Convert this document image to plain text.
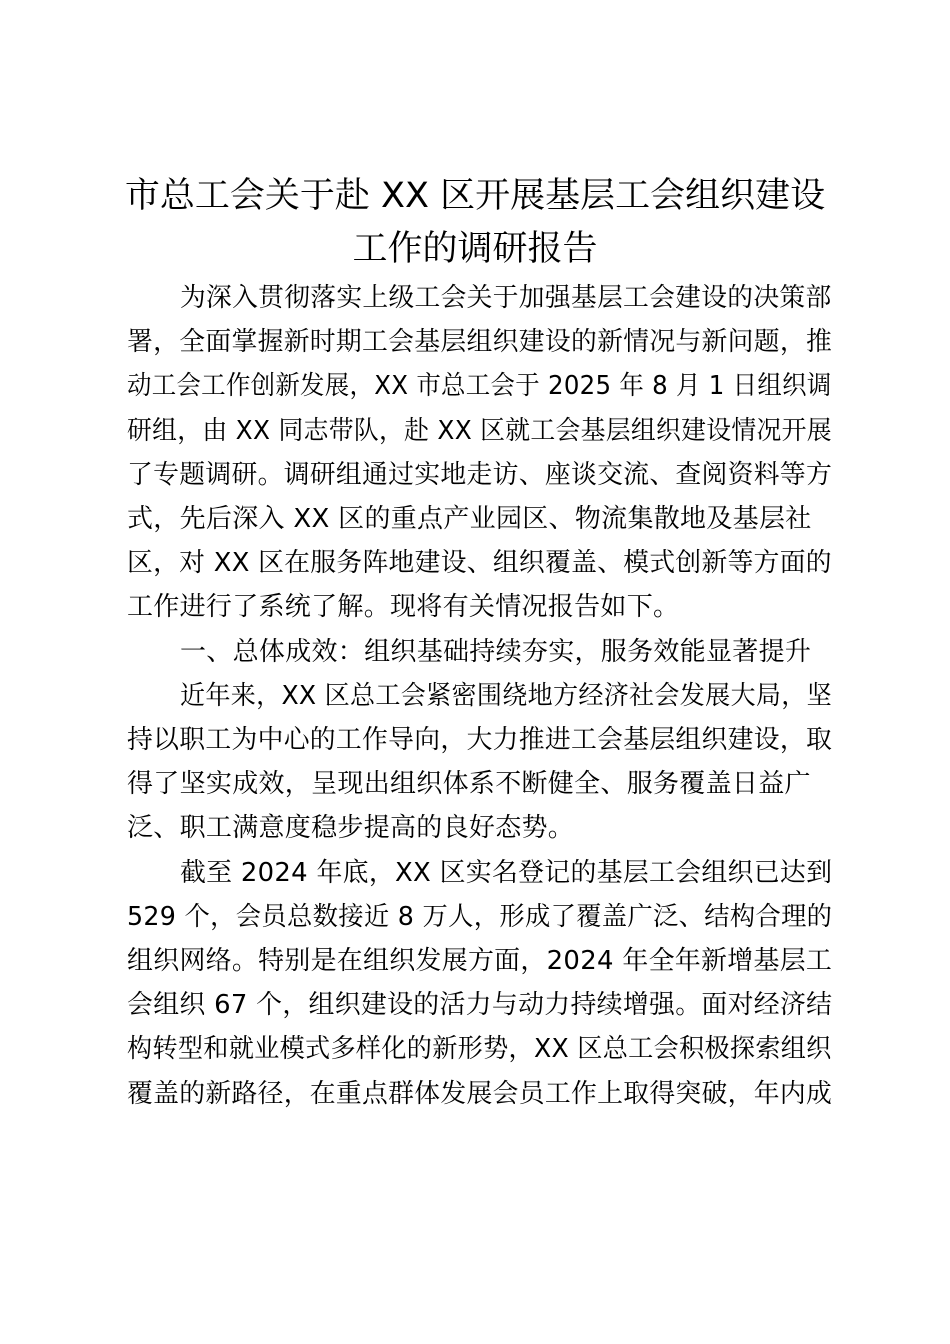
市总工会关于赴 XX 区开展基层工会组织建设
工作的调研报告
为深入贯彻落实上级工会关于加强基层工会建设的决策部
署，全面掌握新时期工会基层组织建设的新情况与新问题，推
动工会工作创新发展，XX 市总工会于 2025 年 8 月 1 日组织调
研组，由 XX 同志带队，赴 XX 区就工会基层组织建设情况开展
了专题调研。调研组通过实地走访、座谈交流、查阅资料等方
式，先后深入 XX 区的重点产业园区、物流集散地及基层社
区，对 XX 区在服务阵地建设、组织覆盖、模式创新等方面的
工作进行了系统了解。现将有关情况报告如下。
一、总体成效：组织基础持续夯实，服务效能显著提升
近年来，XX 区总工会紧密围绕地方经济社会发展大局，坚
持以职工为中心的工作导向，大力推进工会基层组织建设，取
得了坚实成效，呈现出组织体系不断健全、服务覆盖日益广
泛、职工满意度稳步提高的良好态势。
截至 2024 年底，XX 区实名登记的基层工会组织已达到
529 个，会员总数接近 8 万人，形成了覆盖广泛、结构合理的
组织网络。特别是在组织发展方面，2024 年全年新增基层工
会组织 67 个，组织建设的活力与动力持续增强。面对经济结
构转型和就业模式多样化的新形势，XX 区总工会积极探索组织
覆盖的新路径，在重点群体发展会员工作上取得突破，年内成
